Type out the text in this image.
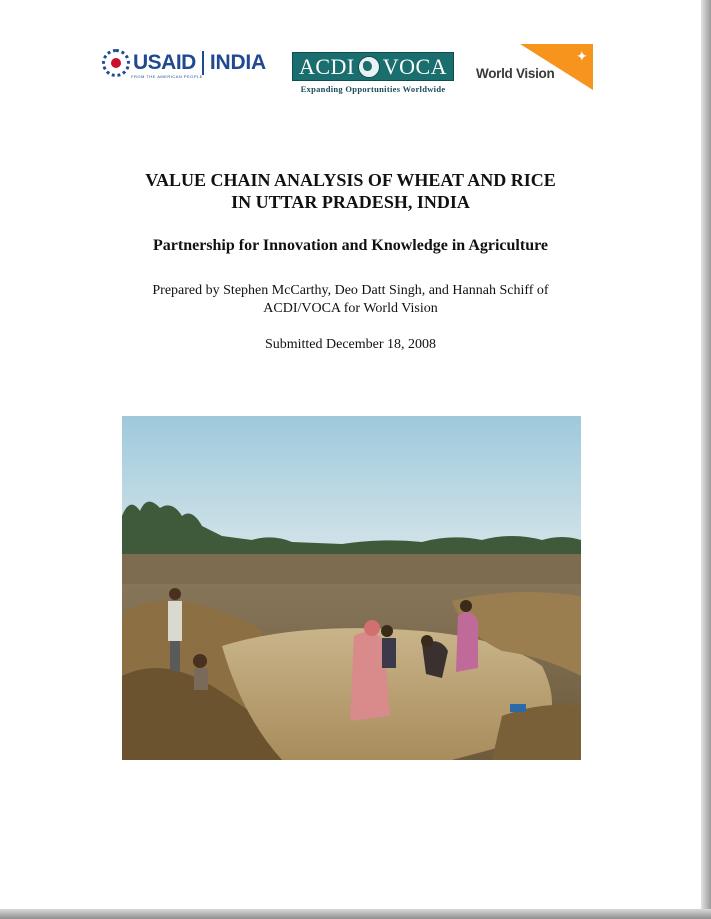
USAID INDIA
FROM THE AMERICAN PEOPLE	ACDI VOCA
Expanding Opportunities Worldwide
✦
World Vision
VALUE CHAIN ANALYSIS OF WHEAT AND RICE
IN UTTAR PRADESH, INDIA
Partnership for Innovation and Knowledge in Agriculture
Prepared by Stephen McCarthy, Deo Datt Singh, and Hannah Schiff of
ACDI/VOCA for World Vision
Submitted December 18, 2008
